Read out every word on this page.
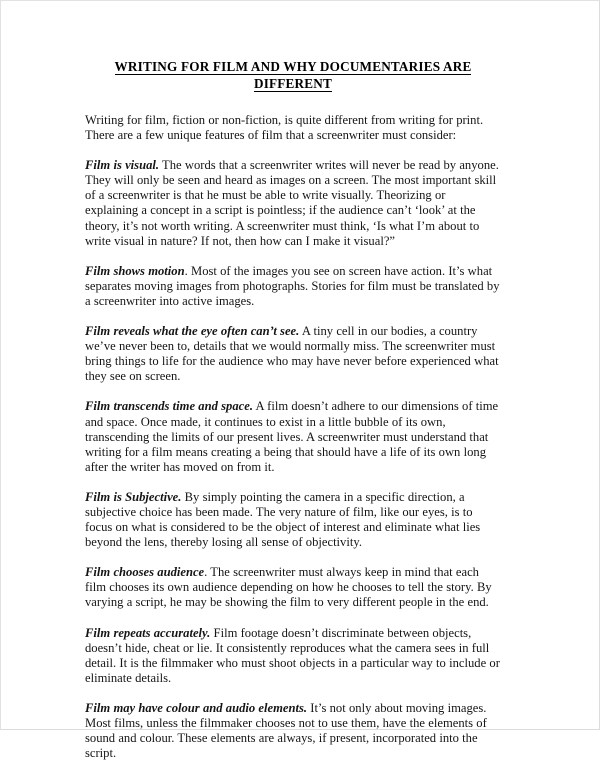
WRITING FOR FILM AND WHY DOCUMENTARIES ARE DIFFERENT

Writing for film, fiction or non-fiction, is quite different from writing for print. There are a few unique features of film that a screenwriter must consider:

Film is visual. The words that a screenwriter writes will never be read by anyone. They will only be seen and heard as images on a screen. The most important skill of a screenwriter is that he must be able to write visually. Theorizing or explaining a concept in a script is pointless; if the audience can’t ‘look’ at the theory, it’s not worth writing. A screenwriter must think, ‘Is what I’m about to write visual in nature? If not, then how can I make it visual?”

Film shows motion. Most of the images you see on screen have action. It’s what separates moving images from photographs. Stories for film must be translated by a screenwriter into active images.

Film reveals what the eye often can’t see. A tiny cell in our bodies, a country we’ve never been to, details that we would normally miss. The screenwriter must bring things to life for the audience who may have never before experienced what they see on screen.

Film transcends time and space. A film doesn’t adhere to our dimensions of time and space. Once made, it continues to exist in a little bubble of its own, transcending the limits of our present lives. A screenwriter must understand that writing for a film means creating a being that should have a life of its own long after the writer has moved on from it.

Film is Subjective. By simply pointing the camera in a specific direction, a subjective choice has been made. The very nature of film, like our eyes, is to focus on what is considered to be the object of interest and eliminate what lies beyond the lens, thereby losing all sense of objectivity.

Film chooses audience. The screenwriter must always keep in mind that each film chooses its own audience depending on how he chooses to tell the story. By varying a script, he may be showing the film to very different people in the end.

Film repeats accurately. Film footage doesn’t discriminate between objects, doesn’t hide, cheat or lie. It consistently reproduces what the camera sees in full detail. It is the filmmaker who must shoot objects in a particular way to include or eliminate details.

Film may have colour and audio elements. It’s not only about moving images. Most films, unless the filmmaker chooses not to use them, have the elements of sound and colour. These elements are always, if present, incorporated into the script.
